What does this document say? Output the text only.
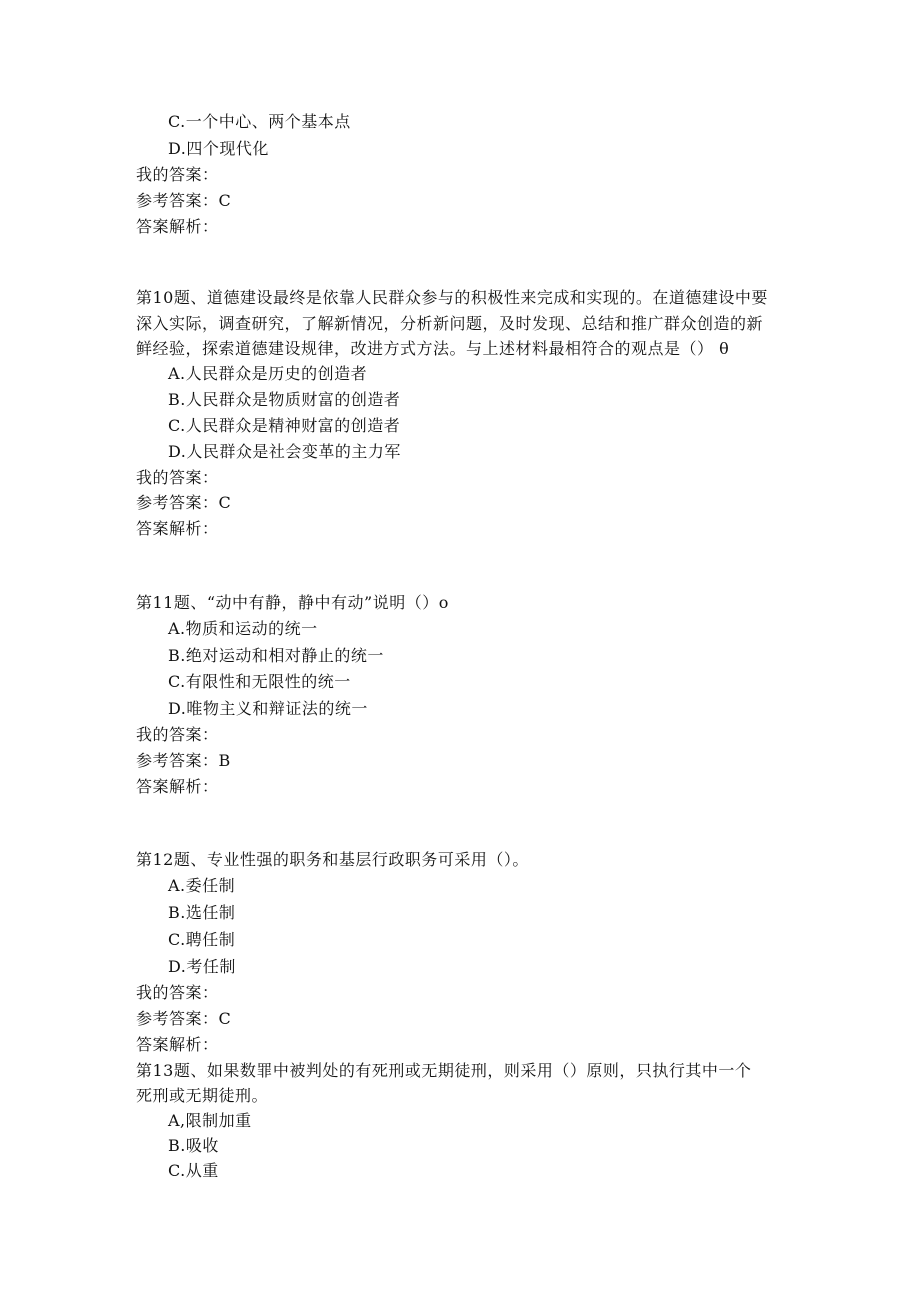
C.一个中心、两个基本点
D.四个现代化
我的答案：
参考答案：C
答案解析：
第10题、道德建设最终是依靠人民群众参与的积极性来完成和实现的。在道德建设中要
深入实际，调查研究，了解新情况，分析新问题，及时发现、总结和推广群众创造的新
鲜经验，探索道德建设规律，改进方式方法。与上述材料最相符合的观点是（） θ
A.人民群众是历史的创造者
B.人民群众是物质财富的创造者
C.人民群众是精神财富的创造者
D.人民群众是社会变革的主力军
我的答案：
参考答案：C
答案解析：
第11题、“动中有静，静中有动”说明（）o
A.物质和运动的统一
B.绝对运动和相对静止的统一
C.有限性和无限性的统一
D.唯物主义和辩证法的统一
我的答案：
参考答案：B
答案解析：
第12题、专业性强的职务和基层行政职务可采用（）。
A.委任制
B.选任制
C.聘任制
D.考任制
我的答案：
参考答案：C
答案解析：
第13题、如果数罪中被判处的有死刑或无期徒刑，则采用（）原则，只执行其中一个
死刑或无期徒刑。
A,限制加重
B.吸收
C.从重
